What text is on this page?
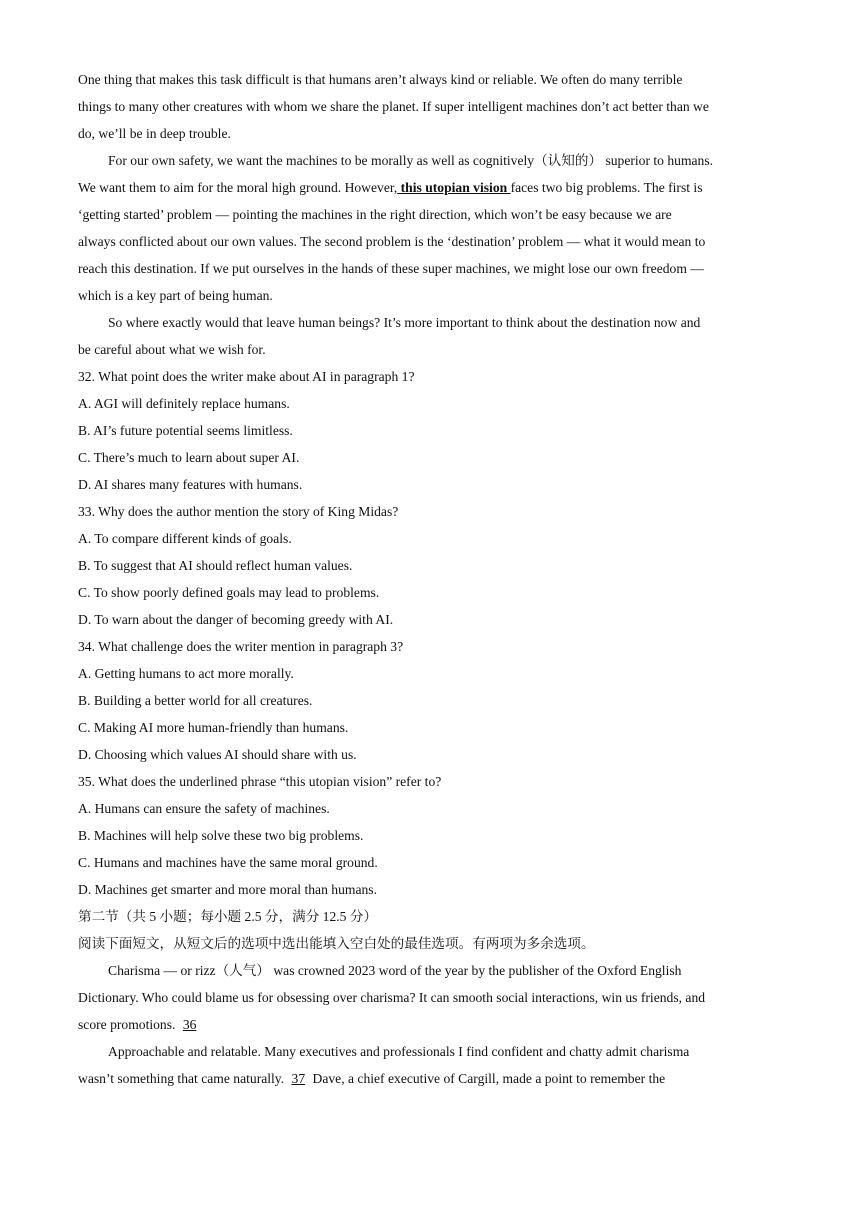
One thing that makes this task difficult is that humans aren’t always kind or reliable. We often do many terrible
things to many other creatures with whom we share the planet. If super intelligent machines don’t act better than we
do, we’ll be in deep trouble.
For our own safety, we want the machines to be morally as well as cognitively（认知的） superior to humans.
We want them to aim for the moral high ground. However, this utopian vision faces two big problems. The first is
‘getting started’ problem — pointing the machines in the right direction, which won’t be easy because we are
always conflicted about our own values. The second problem is the ‘destination’ problem — what it would mean to
reach this destination. If we put ourselves in the hands of these super machines, we might lose our own freedom —
which is a key part of being human.
So where exactly would that leave human beings? It’s more important to think about the destination now and
be careful about what we wish for.
32. What point does the writer make about AI in paragraph 1?
A. AGI will definitely replace humans.
B. AI’s future potential seems limitless.
C. There’s much to learn about super AI.
D. AI shares many features with humans.
33. Why does the author mention the story of King Midas?
A. To compare different kinds of goals.
B. To suggest that AI should reflect human values.
C. To show poorly defined goals may lead to problems.
D. To warn about the danger of becoming greedy with AI.
34. What challenge does the writer mention in paragraph 3?
A. Getting humans to act more morally.
B. Building a better world for all creatures.
C. Making AI more human-friendly than humans.
D. Choosing which values AI should share with us.
35. What does the underlined phrase “this utopian vision” refer to?
A. Humans can ensure the safety of machines.
B. Machines will help solve these two big problems.
C. Humans and machines have the same moral ground.
D. Machines get smarter and more moral than humans.
第二节（共 5 小题；每小题 2.5 分，满分 12.5 分）
阅读下面短文，从短文后的选项中选出能填入空白处的最佳选项。有两项为多余选项。
Charisma — or rizz（人气） was crowned 2023 word of the year by the publisher of the Oxford English
Dictionary. Who could blame us for obsessing over charisma? It can smooth social interactions, win us friends, and
score promotions. 36
Approachable and relatable. Many executives and professionals I find confident and chatty admit charisma
wasn’t something that came naturally. 37 Dave, a chief executive of Cargill, made a point to remember the
